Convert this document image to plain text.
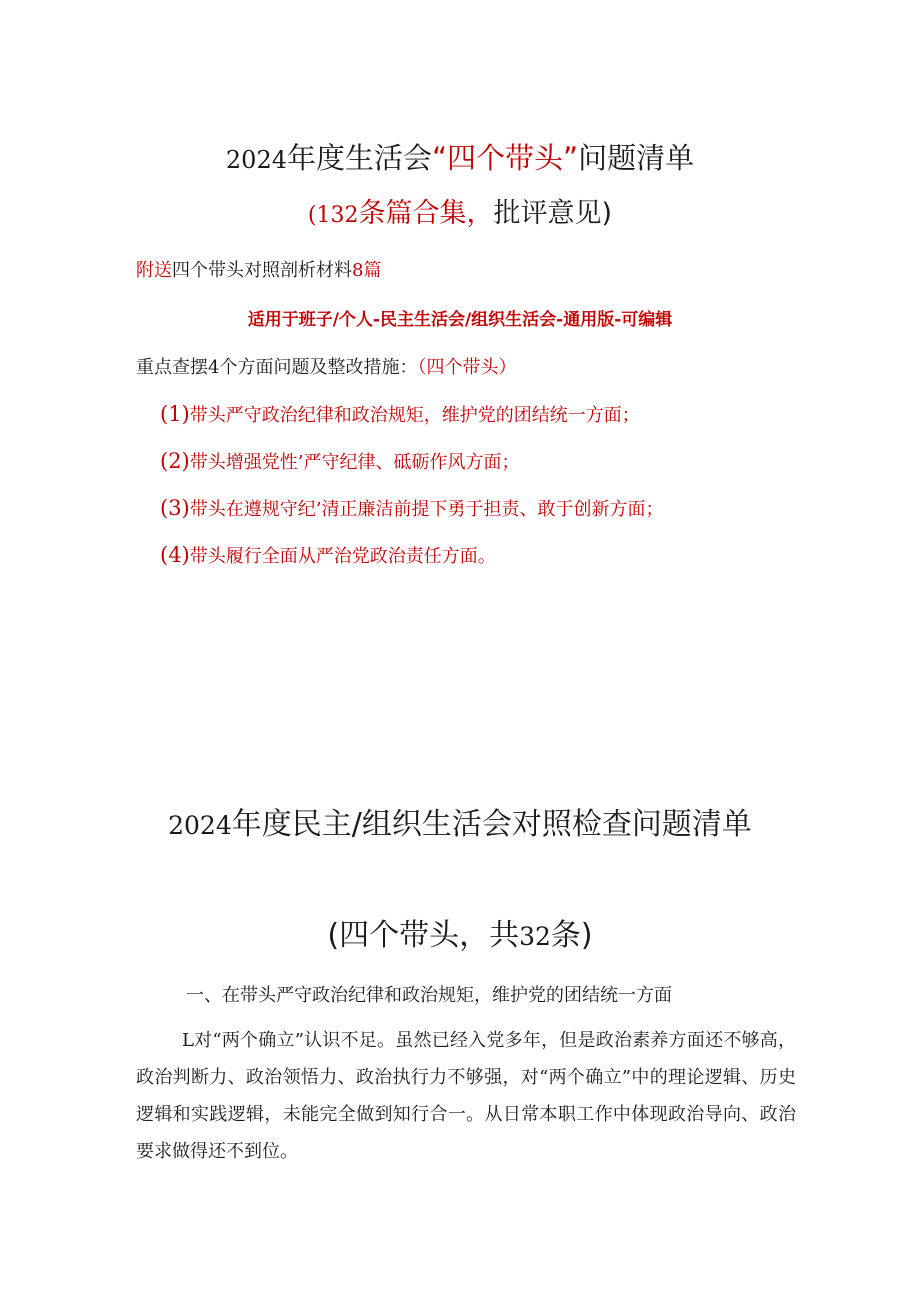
2024年度生活会“四个带头”问题清单
(132条篇合集，批评意见)
附送四个带头对照剖析材料8篇
适用于班子/个人-民主生活会/组织生活会-通用版-可编辑
重点查摆4个方面问题及整改措施：（四个带头）
(1)带头严守政治纪律和政治规矩，维护党的团结统一方面；
(2)带头增强党性’严守纪律、砥砺作风方面；
(3)带头在遵规守纪’清正廉洁前提下勇于担责、敢于创新方面；
(4)带头履行全面从严治党政治责任方面。
2024年度民主/组织生活会对照检查问题清单
(四个带头，共32条)
一、在带头严守政治纪律和政治规矩，维护党的团结统一方面
L对“两个确立”认识不足。虽然已经入党多年，但是政治素养方面还不够高，政治判断力、政治领悟力、政治执行力不够强，对“两个确立”中的理论逻辑、历史逻辑和实践逻辑，未能完全做到知行合一。从日常本职工作中体现政治导向、政治要求做得还不到位。
